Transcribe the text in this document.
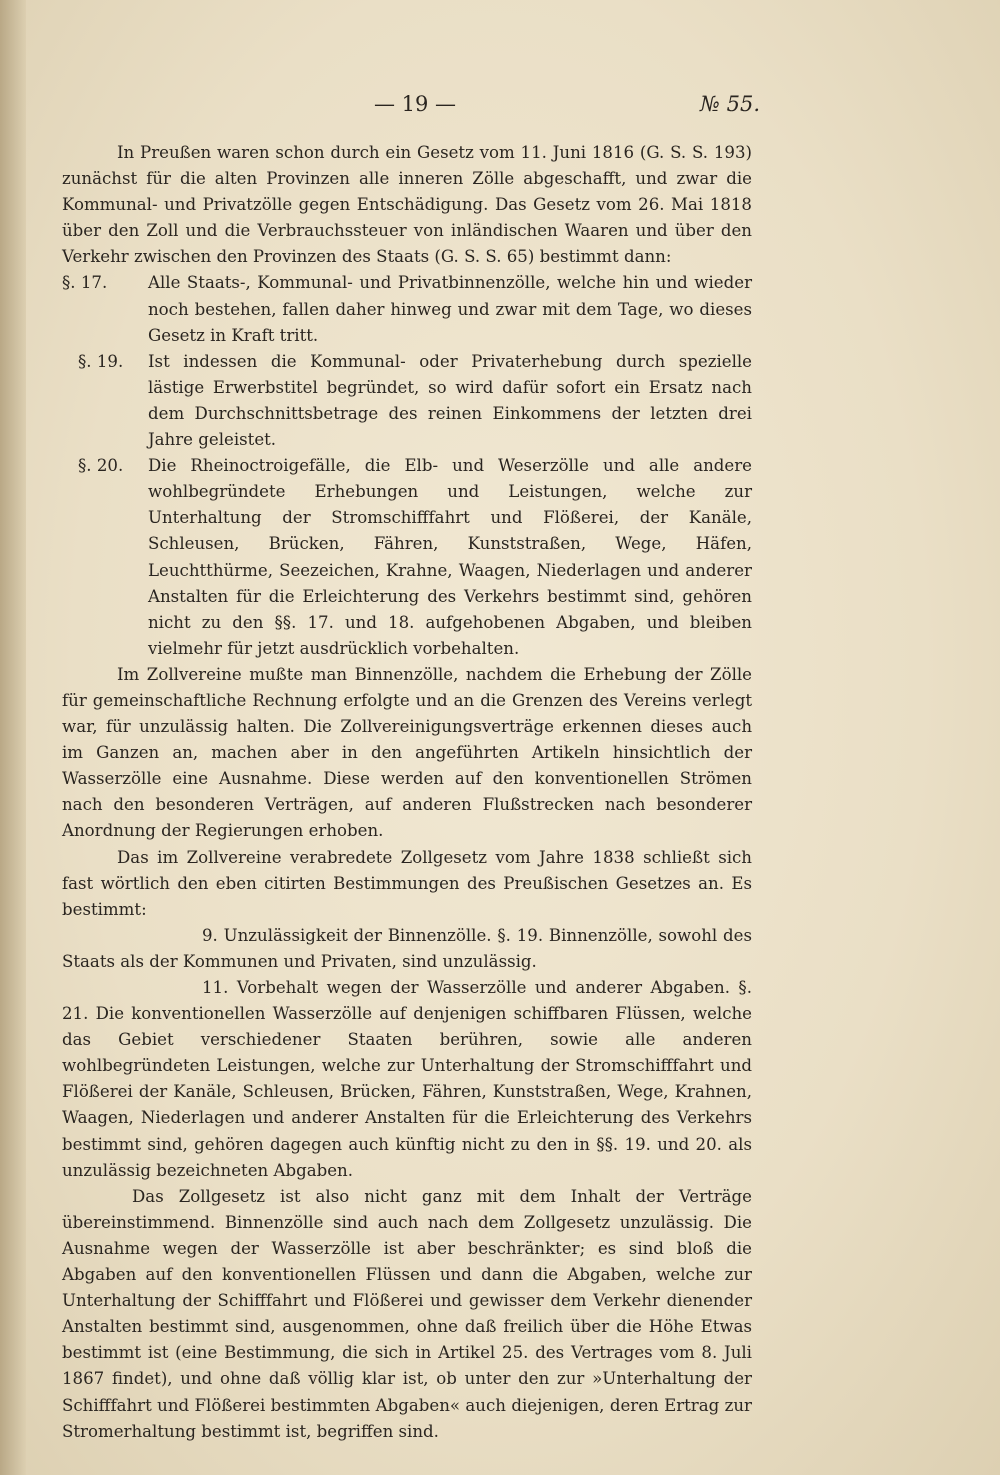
— 19 —	№ 55.

In Preußen waren schon durch ein Gesetz vom 11. Juni 1816 (G. S. S. 193) zunächst für die alten Provinzen alle inneren Zölle abgeschafft, und zwar die Kommunal- und Privatzölle gegen Entschädigung. Das Gesetz vom 26. Mai 1818 über den Zoll und die Verbrauchssteuer von inländischen Waaren und über den Verkehr zwischen den Provinzen des Staats (G. S. S. 65) bestimmt dann:

§. 17.	Alle Staats-, Kommunal- und Privatbinnenzölle, welche hin und wieder noch bestehen, fallen daher hinweg und zwar mit dem Tage, wo dieses Gesetz in Kraft tritt.
§. 19.	Ist indessen die Kommunal- oder Privaterhebung durch spezielle lästige Erwerbstitel begründet, so wird dafür sofort ein Ersatz nach dem Durchschnittsbetrage des reinen Einkommens der letzten drei Jahre geleistet.
§. 20.	Die Rheinoctroigefälle, die Elb- und Weserzölle und alle andere wohlbegründete Erhebungen und Leistungen, welche zur Unterhaltung der Stromschifffahrt und Flößerei, der Kanäle, Schleusen, Brücken, Fähren, Kunststraßen, Wege, Häfen, Leuchtthürme, Seezeichen, Krahne, Waagen, Niederlagen und anderer Anstalten für die Erleichterung des Verkehrs bestimmt sind, gehören nicht zu den §§. 17. und 18. aufgehobenen Abgaben, und bleiben vielmehr für jetzt ausdrücklich vorbehalten.

Im Zollvereine mußte man Binnenzölle, nachdem die Erhebung der Zölle für gemeinschaftliche Rechnung erfolgte und an die Grenzen des Vereins verlegt war, für unzulässig halten. Die Zollvereinigungsverträge erkennen dieses auch im Ganzen an, machen aber in den angeführten Artikeln hinsichtlich der Wasserzölle eine Ausnahme. Diese werden auf den konventionellen Strömen nach den besonderen Verträgen, auf anderen Flußstrecken nach besonderer Anordnung der Regierungen erhoben.

Das im Zollvereine verabredete Zollgesetz vom Jahre 1838 schließt sich fast wörtlich den eben citirten Bestimmungen des Preußischen Gesetzes an. Es bestimmt:

9. Unzulässigkeit der Binnenzölle. §. 19. Binnenzölle, sowohl des Staats als der Kommunen und Privaten, sind unzulässig.

11. Vorbehalt wegen der Wasserzölle und anderer Abgaben. §. 21. Die konventionellen Wasserzölle auf denjenigen schiffbaren Flüssen, welche das Gebiet verschiedener Staaten berühren, sowie alle anderen wohlbegründeten Leistungen, welche zur Unterhaltung der Stromschifffahrt und Flößerei der Kanäle, Schleusen, Brücken, Fähren, Kunststraßen, Wege, Krahnen, Waagen, Niederlagen und anderer Anstalten für die Erleichterung des Verkehrs bestimmt sind, gehören dagegen auch künftig nicht zu den in §§. 19. und 20. als unzulässig bezeichneten Abgaben.

Das Zollgesetz ist also nicht ganz mit dem Inhalt der Verträge übereinstimmend. Binnenzölle sind auch nach dem Zollgesetz unzulässig. Die Ausnahme wegen der Wasserzölle ist aber beschränkter; es sind bloß die Abgaben auf den konventionellen Flüssen und dann die Abgaben, welche zur Unterhaltung der Schifffahrt und Flößerei und gewisser dem Verkehr dienender Anstalten bestimmt sind, ausgenommen, ohne daß freilich über die Höhe Etwas bestimmt ist (eine Bestimmung, die sich in Artikel 25. des Vertrages vom 8. Juli 1867 findet), und ohne daß völlig klar ist, ob unter den zur »Unterhaltung der Schifffahrt und Flößerei bestimmten Abgaben« auch diejenigen, deren Ertrag zur Stromerhaltung bestimmt ist, begriffen sind.
